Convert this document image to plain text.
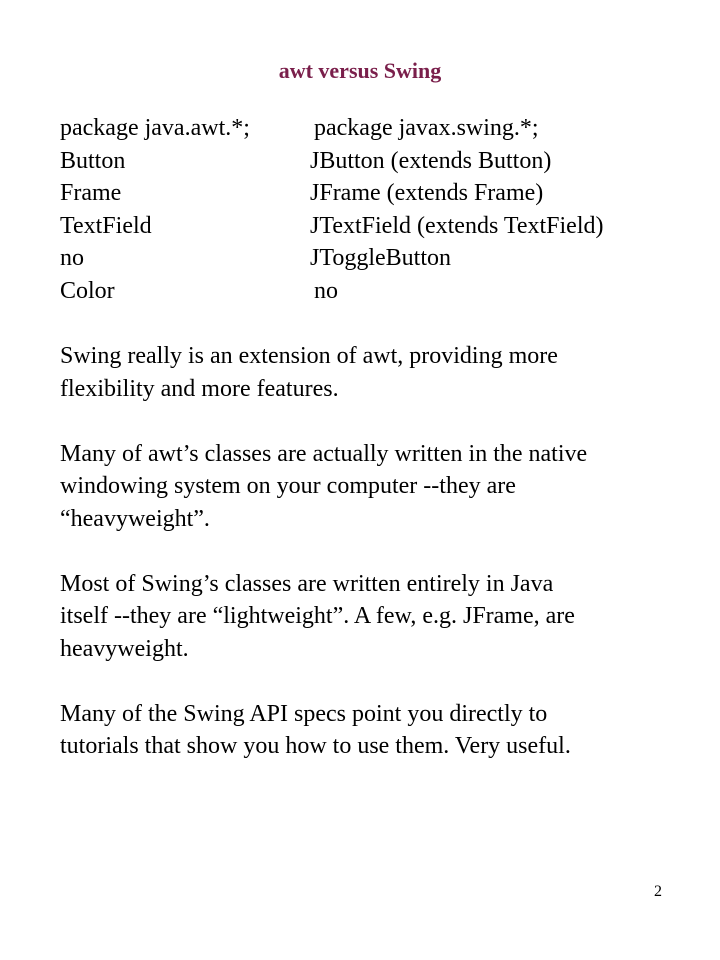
awt versus Swing
package java.awt.*;	package javax.swing.*;
Button	JButton (extends Button)
Frame	JFrame (extends Frame)
TextField	JTextField (extends TextField)
no	JToggleButton
Color	no

Swing really is an extension of awt, providing more
flexibility and more features.

Many of awt’s classes are actually written in the native
windowing system on your computer --they are
“heavyweight”.

Most of Swing’s classes are written entirely in Java
itself --they are “lightweight”. A few, e.g. JFrame, are
heavyweight.

Many of the Swing API specs point you directly to
tutorials that show you how to use them. Very useful.

2
